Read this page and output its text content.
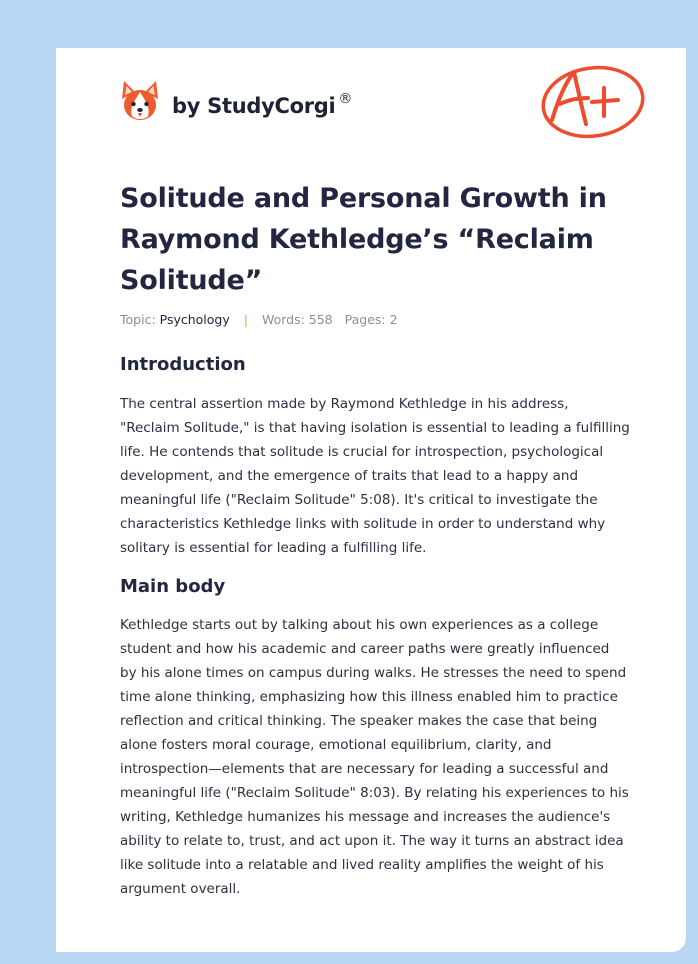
by StudyCorgi ®
A+
Solitude and Personal Growth in Raymond Kethledge’s “Reclaim Solitude”
Topic: Psychology | Words: 558 Pages: 2
Introduction

The central assertion made by Raymond Kethledge in his address, "Reclaim Solitude," is that having isolation is essential to leading a fulfilling life. He contends that solitude is crucial for introspection, psychological development, and the emergence of traits that lead to a happy and meaningful life ("Reclaim Solitude" 5:08). It's critical to investigate the characteristics Kethledge links with solitude in order to understand why solitary is essential for leading a fulfilling life.

Main body

Kethledge starts out by talking about his own experiences as a college student and how his academic and career paths were greatly influenced by his alone times on campus during walks. He stresses the need to spend time alone thinking, emphasizing how this illness enabled him to practice reflection and critical thinking. The speaker makes the case that being alone fosters moral courage, emotional equilibrium, clarity, and introspection—elements that are necessary for leading a successful and meaningful life ("Reclaim Solitude" 8:03). By relating his experiences to his writing, Kethledge humanizes his message and increases the audience's ability to relate to, trust, and act upon it. The way it turns an abstract idea like solitude into a relatable and lived reality amplifies the weight of his argument overall.
